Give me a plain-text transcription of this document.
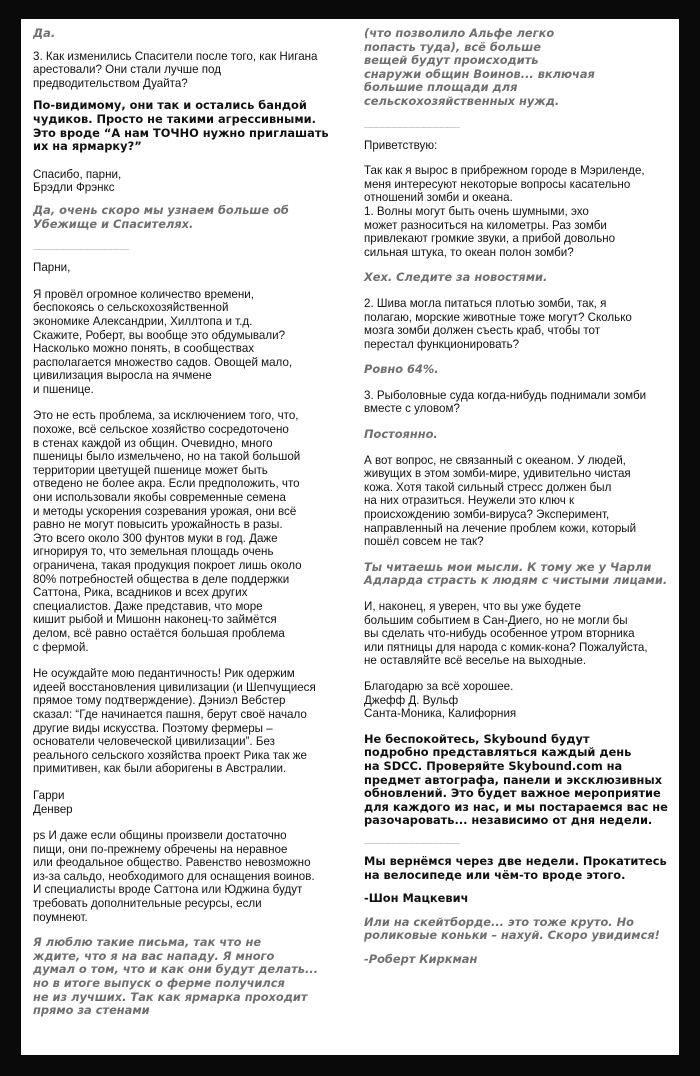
Да.

3. Как изменились Спасители после того, как Нигана
арестовали? Они стали лучше под
предводительством Дуайта?

По-видимому, они так и остались бандой
чудиков. Просто не такими агрессивными.
Это вроде “А нам ТОЧНО нужно приглашать
их на ярмарку?”

Спасибо, парни,
Брэдли Фрэнкс

Да, очень скоро мы узнаем больше об
Убежище и Спасителях.

________________

Парни,

Я провёл огромное количество времени,
беспокоясь о сельскохозяйственной
экономике Александрии, Хиллтопа и т.д.
Скажите, Роберт, вы вообще это обдумывали?
Насколько можно понять, в сообществах
располагается множество садов. Овощей мало,
цивилизация выросла на ячмене
и пшенице.

Это не есть проблема, за исключением того, что,
похоже, всё сельское хозяйство сосредоточено
в стенах каждой из общин. Очевидно, много
пшеницы было измельчено, но на такой большой
территории цветущей пшенице может быть
отведено не более акра. Если предположить, что
они использовали якобы современные семена
и методы ускорения созревания урожая, они всё
равно не могут повысить урожайность в разы.
Это всего около 300 фунтов муки в год. Даже
игнорируя то, что земельная площадь очень
ограничена, такая продукция покроет лишь около
80% потребностей общества в деле поддержки
Саттона, Рика, всадников и всех других
специалистов. Даже представив, что море
кишит рыбой и Мишонн наконец-то займётся
делом, всё равно остаётся большая проблема
с фермой.

Не осуждайте мою педантичность! Рик одержим
идеей восстановления цивилизации (и Шепчущиеся
прямое тому подтверждение). Дэниэл Вебстер
сказал: “Где начинается пашня, берут своё начало
другие виды искусства. Поэтому фермеры –
основатели человеческой цивилизации”. Без
реального сельского хозяйства проект Рика так же
примитивен, как были аборигены в Австралии.

Гарри
Денвер

ps И даже если общины произвели достаточно
пищи, они по-прежнему обречены на неравное
или феодальное общество. Равенство невозможно
из-за сальдо, необходимого для оснащения воинов.
И специалисты вроде Саттона или Юджина будут
требовать дополнительные ресурсы, если
поумнеют.

Я люблю такие письма, так что не
ждите, что я на вас нападу. Я много
думал о том, что и как они будут делать...
но в итоге выпуск о ферме получился
не из лучших. Так как ярмарка проходит
прямо за стенами

(что позволило Альфе легко
попасть туда), всё больше
вещей будут происходить
снаружи общин Воинов... включая
большие площади для
сельскохозяйственных нужд.

________________

Приветствую:

Так как я вырос в прибрежном городе в Мэриленде,
меня интересуют некоторые вопросы касательно
отношений зомби и океана.
1. Волны могут быть очень шумными, эхо
может разноситься на километры. Раз зомби
привлекают громкие звуки, а прибой довольно
сильная штука, то океан полон зомби?

Хех. Следите за новостями.

2. Шива могла питаться плотью зомби, так, я
полагаю, морские животные тоже могут? Сколько
мозга зомби должен съесть краб, чтобы тот
перестал функционировать?

Ровно 64%.

3. Рыболовные суда когда-нибудь поднимали зомби
вместе с уловом?

Постоянно.

А вот вопрос, не связанный с океаном. У людей,
живущих в этом зомби-мире, удивительно чистая
кожа. Хотя такой сильный стресс должен был
на них отразиться. Неужели это ключ к
происхождению зомби-вируса? Эксперимент,
направленный на лечение проблем кожи, который
пошёл совсем не так?

Ты читаешь мои мысли. К тому же у Чарли
Адларда страсть к людям с чистыми лицами.

И, наконец, я уверен, что вы уже будете
большим событием в Сан-Диего, но не могли бы
вы сделать что-нибудь особенное утром вторника
или пятницы для народа с комик-кона? Пожалуйста,
не оставляйте всё веселье на выходные.

Благодарю за всё хорошее.
Джефф Д. Вульф
Санта-Моника, Калифорния

Не беспокойтесь, Skybound будут
подробно представляться каждый день
на SDCC. Проверяйте Skybound.com на
предмет автографа, панели и эксклюзивных
обновлений. Это будет важное мероприятие
для каждого из нас, и мы постараемся вас не
разочаровать... независимо от дня недели.

________________

Мы вернёмся через две недели. Прокатитесь
на велосипеде или чём-то вроде этого.

-Шон Мацкевич

Или на скейтборде... это тоже круто. Но
роликовые коньки – нахуй. Скоро увидимся!

-Роберт Киркман
